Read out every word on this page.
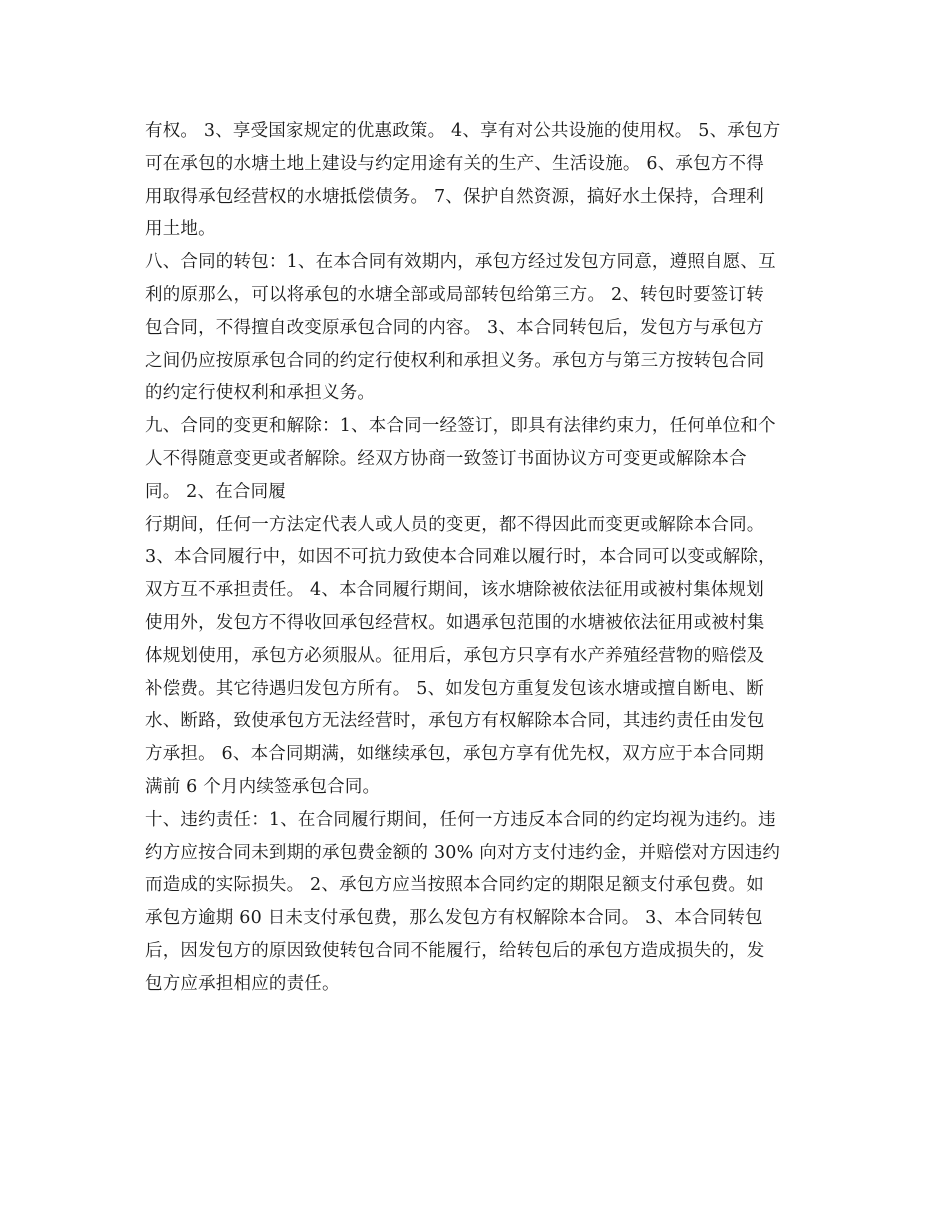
有权。 3、享受国家规定的优惠政策。 4、享有对公共设施的使用权。 5、承包方
可在承包的水塘土地上建设与约定用途有关的生产、生活设施。 6、承包方不得
用取得承包经营权的水塘抵偿债务。 7、保护自然资源，搞好水土保持，合理利
用土地。
八、合同的转包：1、在本合同有效期内，承包方经过发包方同意，遵照自愿、互
利的原那么，可以将承包的水塘全部或局部转包给第三方。 2、转包时要签订转
包合同，不得擅自改变原承包合同的内容。 3、本合同转包后，发包方与承包方
之间仍应按原承包合同的约定行使权利和承担义务。承包方与第三方按转包合同
的约定行使权利和承担义务。
九、合同的变更和解除：1、本合同一经签订，即具有法律约束力，任何单位和个
人不得随意变更或者解除。经双方协商一致签订书面协议方可变更或解除本合
同。 2、在合同履
行期间，任何一方法定代表人或人员的变更，都不得因此而变更或解除本合同。
3、本合同履行中，如因不可抗力致使本合同难以履行时，本合同可以变或解除，
双方互不承担责任。 4、本合同履行期间，该水塘除被依法征用或被村集体规划
使用外，发包方不得收回承包经营权。如遇承包范围的水塘被依法征用或被村集
体规划使用，承包方必须服从。征用后，承包方只享有水产养殖经营物的赔偿及
补偿费。其它待遇归发包方所有。 5、如发包方重复发包该水塘或擅自断电、断
水、断路，致使承包方无法经营时，承包方有权解除本合同，其违约责任由发包
方承担。 6、本合同期满，如继续承包，承包方享有优先权，双方应于本合同期
满前 6 个月内续签承包合同。
十、违约责任：1、在合同履行期间，任何一方违反本合同的约定均视为违约。违
约方应按合同未到期的承包费金额的 30% 向对方支付违约金，并赔偿对方因违约
而造成的实际损失。 2、承包方应当按照本合同约定的期限足额支付承包费。如
承包方逾期 60 日未支付承包费，那么发包方有权解除本合同。 3、本合同转包
后，因发包方的原因致使转包合同不能履行，给转包后的承包方造成损失的，发
包方应承担相应的责任。
